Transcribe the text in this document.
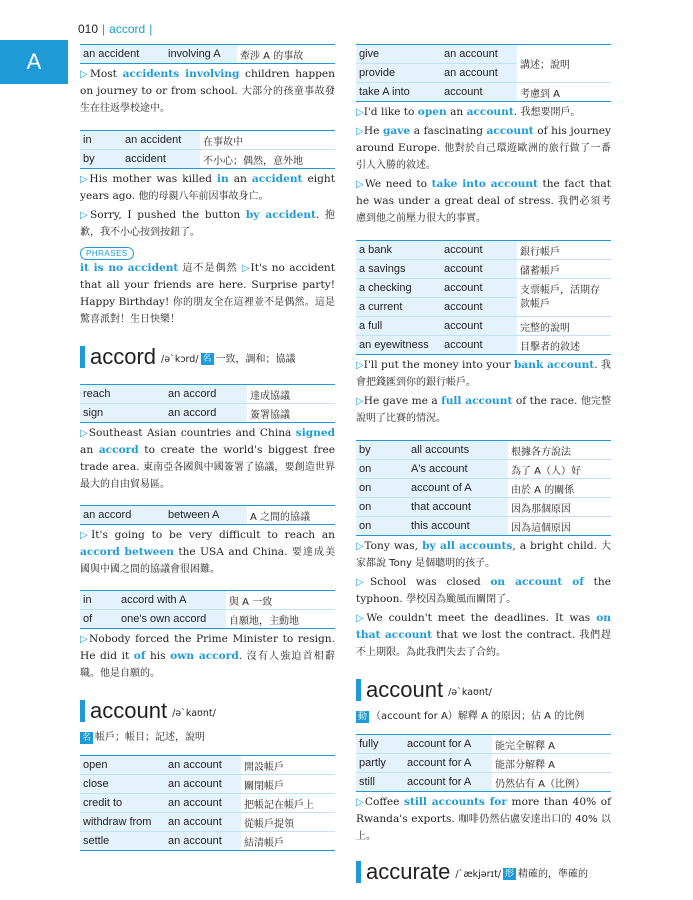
010 | accord |
A	an accident	involving A	牽涉 A 的事故

▷Most accidents involving children happen on journey to or from school. 大部分的孩童事故發生在往返學校途中。

in	an accident	在事故中
by	accident	不小心；偶然，意外地

▷His mother was killed in an accident eight years ago. 他的母親八年前因事故身亡。

▷Sorry, I pushed the button by accident. 抱歉，我不小心按到按鈕了。

PHRASES

it is no accident 這不是偶然 ▷It's no accident that all your friends are here. Surprise party! Happy Birthday! 你的朋友全在這裡並不是偶然。這是驚喜派對！生日快樂！

accord /ə`kɔrd/ 名 一致，調和；協議
reach	an accord	達成協議
sign	an accord	簽署協議

▷Southeast Asian countries and China signed an accord to create the world's biggest free trade area. 東南亞各國與中國簽署了協議，要創造世界最大的自由貿易區。

an accord	between A	A 之間的協議

▷It's going to be very difficult to reach an accord between the USA and China. 要達成美國與中國之間的協議會很困難。

in	accord with A	與 A 一致
of	one's own accord	自願地，主動地

▷Nobody forced the Prime Minister to resign. He did it of his own accord. 沒有人強迫首相辭職。他是自願的。

account /ə`kaʊnt/
名 帳戶；帳目；記述，說明
open	an account	開設帳戶
close	an account	關閉帳戶
credit to	an account	把帳記在帳戶上
withdraw from	an account	從帳戶提領
settle	an account	結清帳戶
give	an account	講述；說明
provide	an account	
take A into	account	考慮到 A

▷I'd like to open an account. 我想要開戶。

▷He gave a fascinating account of his journey around Europe. 他對於自己環遊歐洲的旅行做了一番引人入勝的敘述。

▷We need to take into account the fact that he was under a great deal of stress. 我們必須考慮到他之前壓力很大的事實。

a bank	account	銀行帳戶
a savings	account	儲蓄帳戶
a checking	account	支票帳戶，活期存款帳戶
a current	account	
a full	account	完整的說明
an eyewitness	account	目擊者的敘述

▷I'll put the money into your bank account. 我會把錢匯到你的銀行帳戶。

▷He gave me a full account of the race. 他完整說明了比賽的情況。

by	all accounts	根據各方說法
on	A's account	為了 A（人）好
on	account of A	由於 A 的關係
on	that account	因為那個原因
on	this account	因為這個原因

▷Tony was, by all accounts, a bright child. 大家都說 Tony 是個聰明的孩子。

▷School was closed on account of the typhoon. 學校因為颱風而關閉了。

▷We couldn't meet the deadlines. It was on that account that we lost the contract. 我們趕不上期限。為此我們失去了合約。

account /ə`kaʊnt/
動 （account for A）解釋 A 的原因；佔 A 的比例
fully	account for A	能完全解釋 A
partly	account for A	能部分解釋 A
still	account for A	仍然佔有 A（比例）

▷Coffee still accounts for more than 40% of Rwanda's exports. 咖啡仍然佔盧安達出口的 40% 以上。

accurate /`ækjərɪt/ 形 精確的，準確的
